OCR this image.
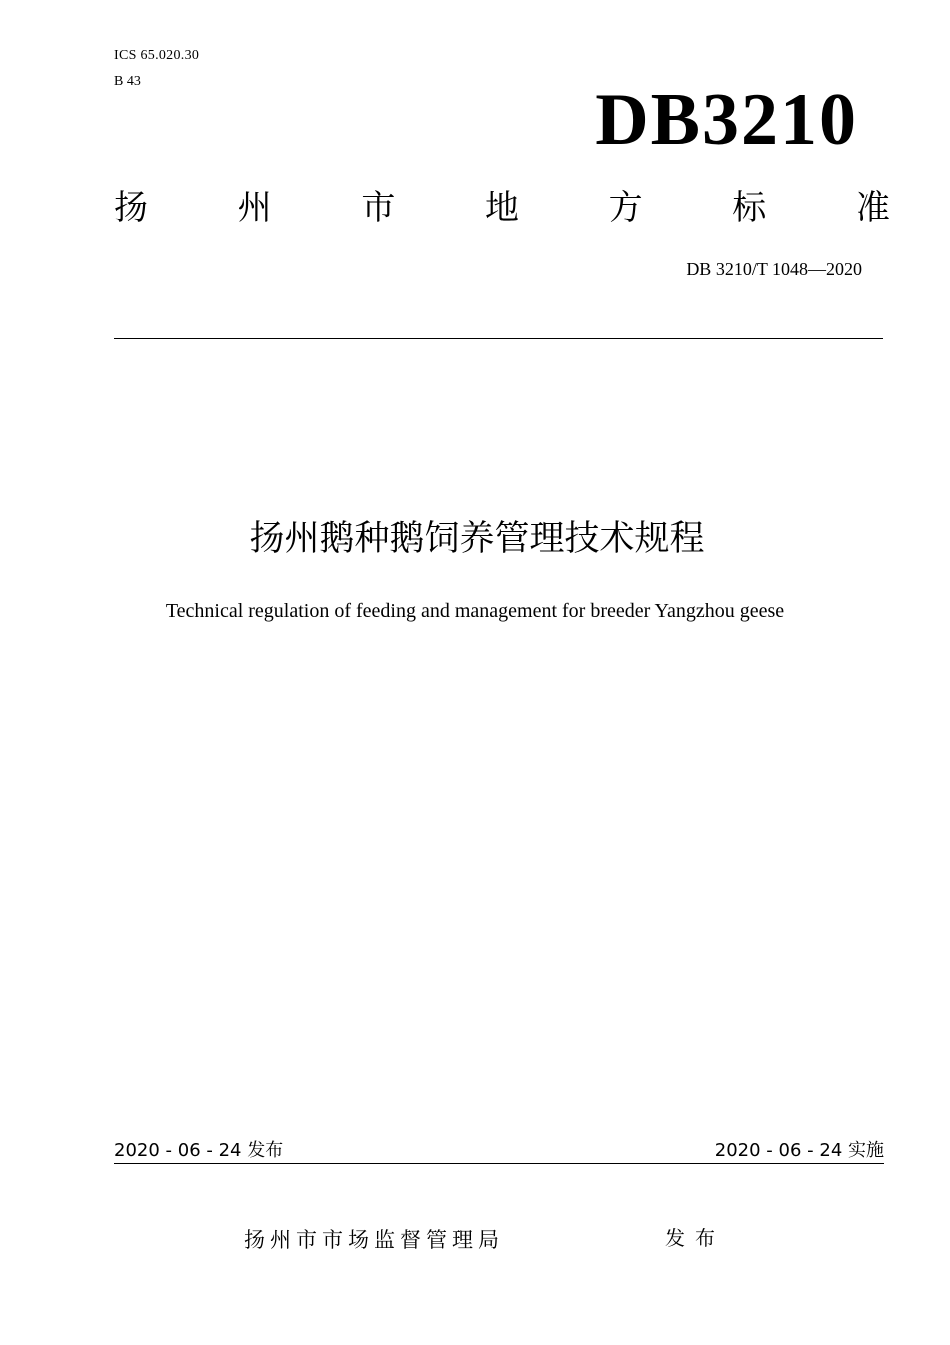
ICS 65.020.30
B 43	DB3210
扬	州	市	地	方	标	准
DB 3210/T 1048—2020
扬州鹅种鹅饲养管理技术规程
Technical regulation of feeding and management for breeder Yangzhou geese
2020 - 06 - 24 发布	2020 - 06 - 24 实施
扬州市市场监督管理局	发布
